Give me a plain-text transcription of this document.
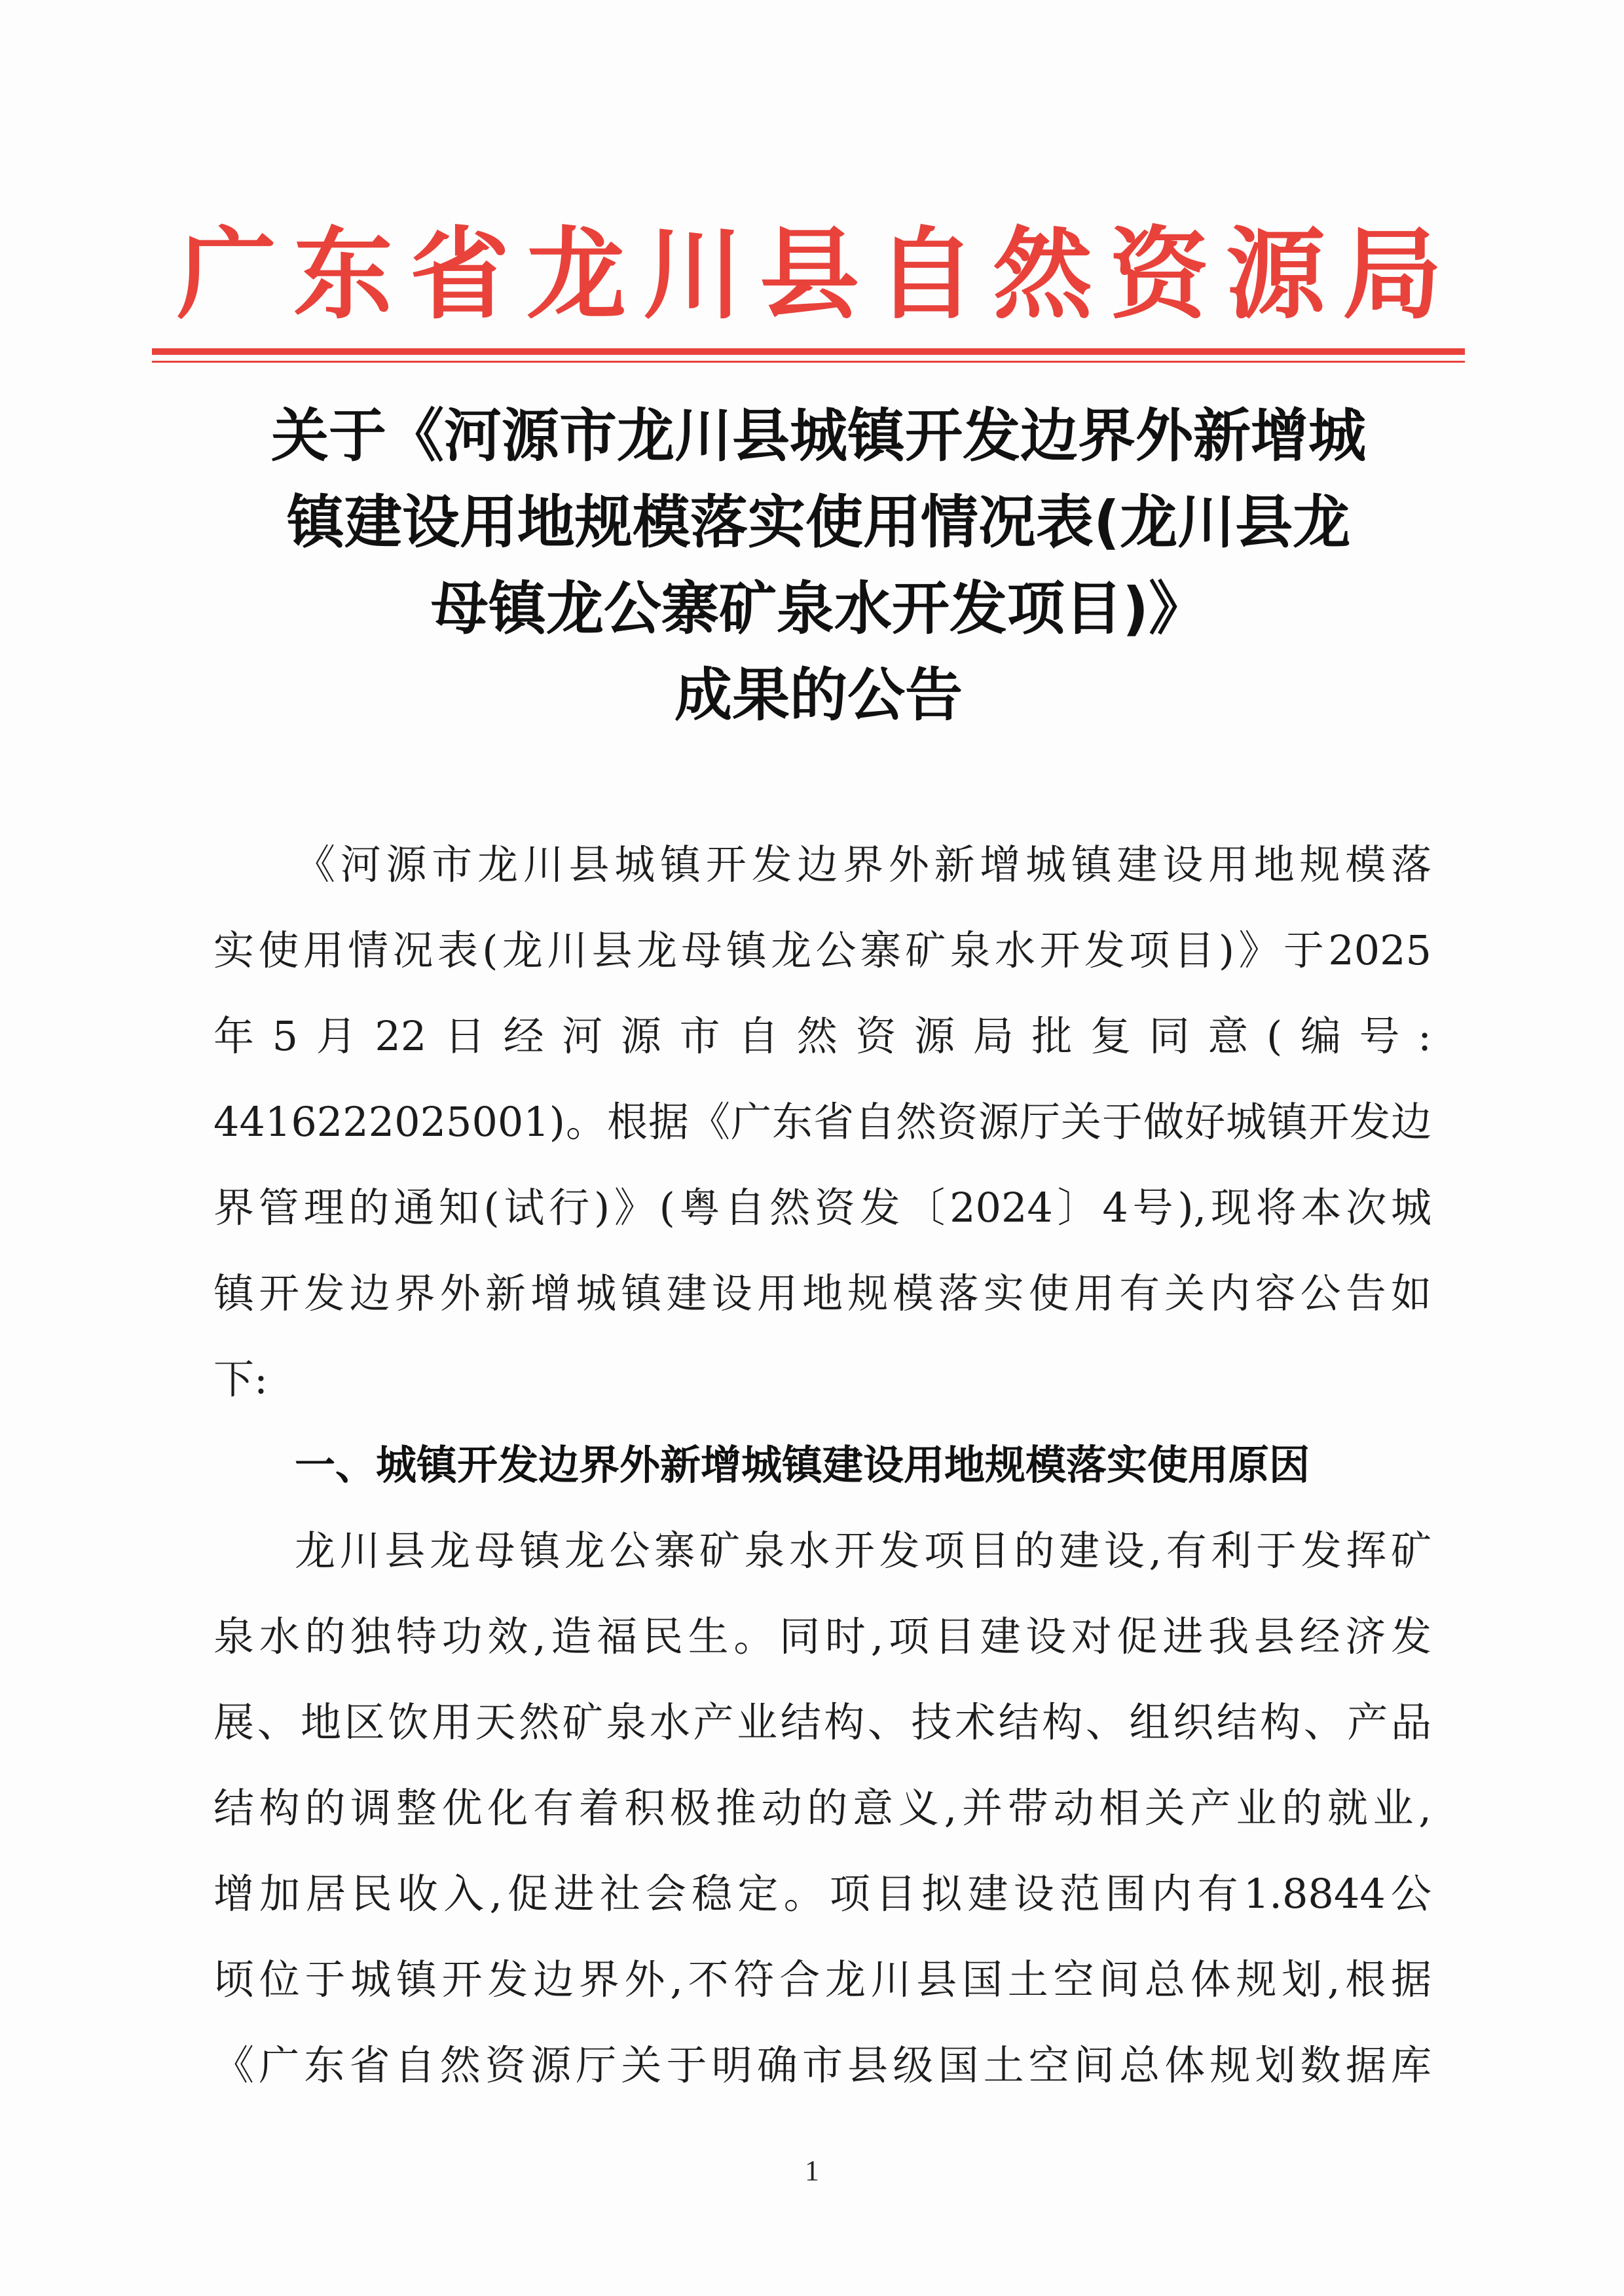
广东省龙川县自然资源局
关于《河源市龙川县城镇开发边界外新增城
镇建设用地规模落实使用情况表(龙川县龙
母镇龙公寨矿泉水开发项目)》
成果的公告
《河源市龙川县城镇开发边界外新增城镇建设用地规模落
实使用情况表(龙川县龙母镇龙公寨矿泉水开发项目)》于2025
年5月22日经河源市自然资源局批复同意(编号:
4416222025001)。根据《广东省自然资源厅关于做好城镇开发边
界管理的通知(试行)》(粤自然资发〔2024〕4号),现将本次城
镇开发边界外新增城镇建设用地规模落实使用有关内容公告如
下:
一、城镇开发边界外新增城镇建设用地规模落实使用原因
龙川县龙母镇龙公寨矿泉水开发项目的建设,有利于发挥矿
泉水的独特功效,造福民生。同时,项目建设对促进我县经济发
展、地区饮用天然矿泉水产业结构、技术结构、组织结构、产品
结构的调整优化有着积极推动的意义,并带动相关产业的就业,
增加居民收入,促进社会稳定。项目拟建设范围内有1.8844公
顷位于城镇开发边界外,不符合龙川县国土空间总体规划,根据
《广东省自然资源厅关于明确市县级国土空间总体规划数据库
1
